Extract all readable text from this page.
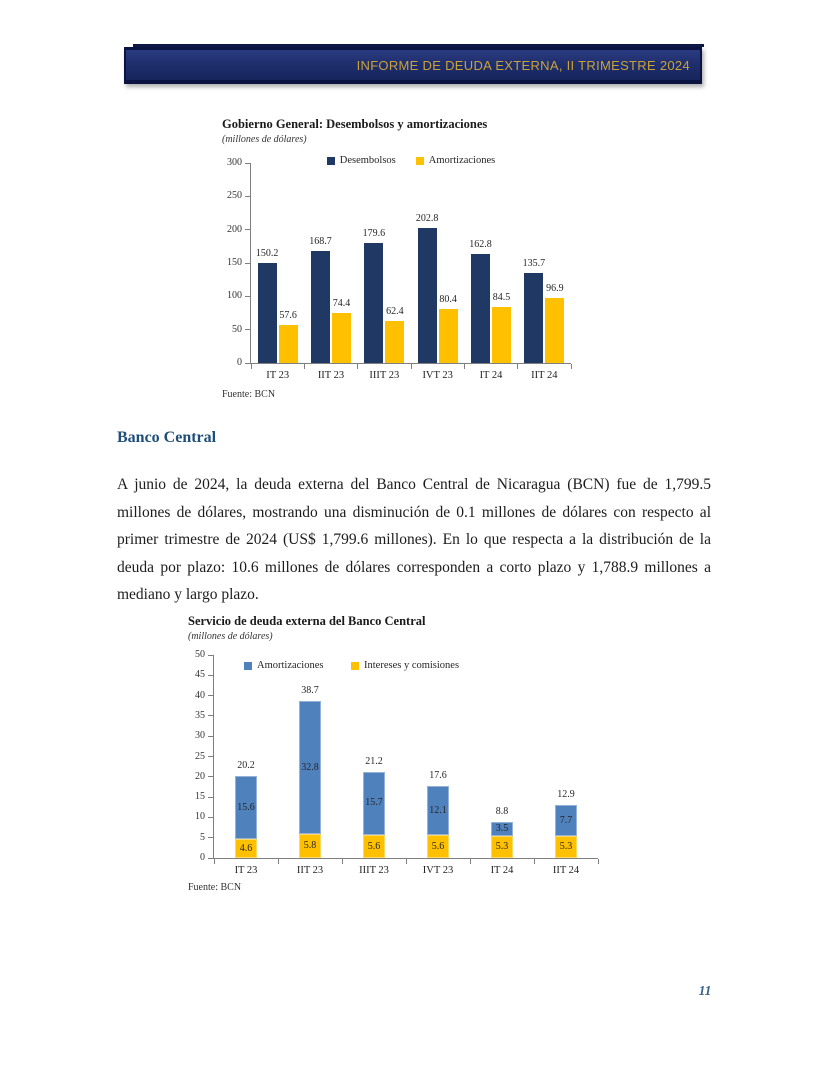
INFORME DE DEUDA EXTERNA, II TRIMESTRE 2024
Gobierno General: Desembolsos y amortizaciones
(millones de dólares)
0
50
100
150
200
250
300
IT 23	IIT 23	IIIT 23	IVT 23	IT 24	IIT 24
150.2
57.6
168.7
74.4
179.6
62.4
202.8
80.4
162.8
84.5
135.7
96.9
Desembolsos	Amortizaciones
Fuente: BCN
Banco Central

A junio de 2024, la deuda externa del Banco Central de Nicaragua (BCN) fue de 1,799.5 millones de dólares, mostrando una disminución de 0.1 millones de dólares con respecto al primer trimestre de 2024 (US$ 1,799.6 millones). En lo que respecta a la distribución de la deuda por plazo: 10.6 millones de dólares corresponden a corto plazo y 1,788.9 millones a mediano y largo plazo.

Servicio de deuda externa del Banco Central
(millones de dólares)
0
5
10
15
20
25
30
35
40
45
50
IT 23	IIT 23	IIIT 23	IVT 23	IT 24	IIT 24
4.6
15.6
20.2
5.8
32.8
38.7
5.6
15.7
21.2
5.6
12.1
17.6
5.3
3.5
8.8
5.3
7.7
12.9
Amortizaciones	Intereses y comisiones
Fuente: BCN
11
